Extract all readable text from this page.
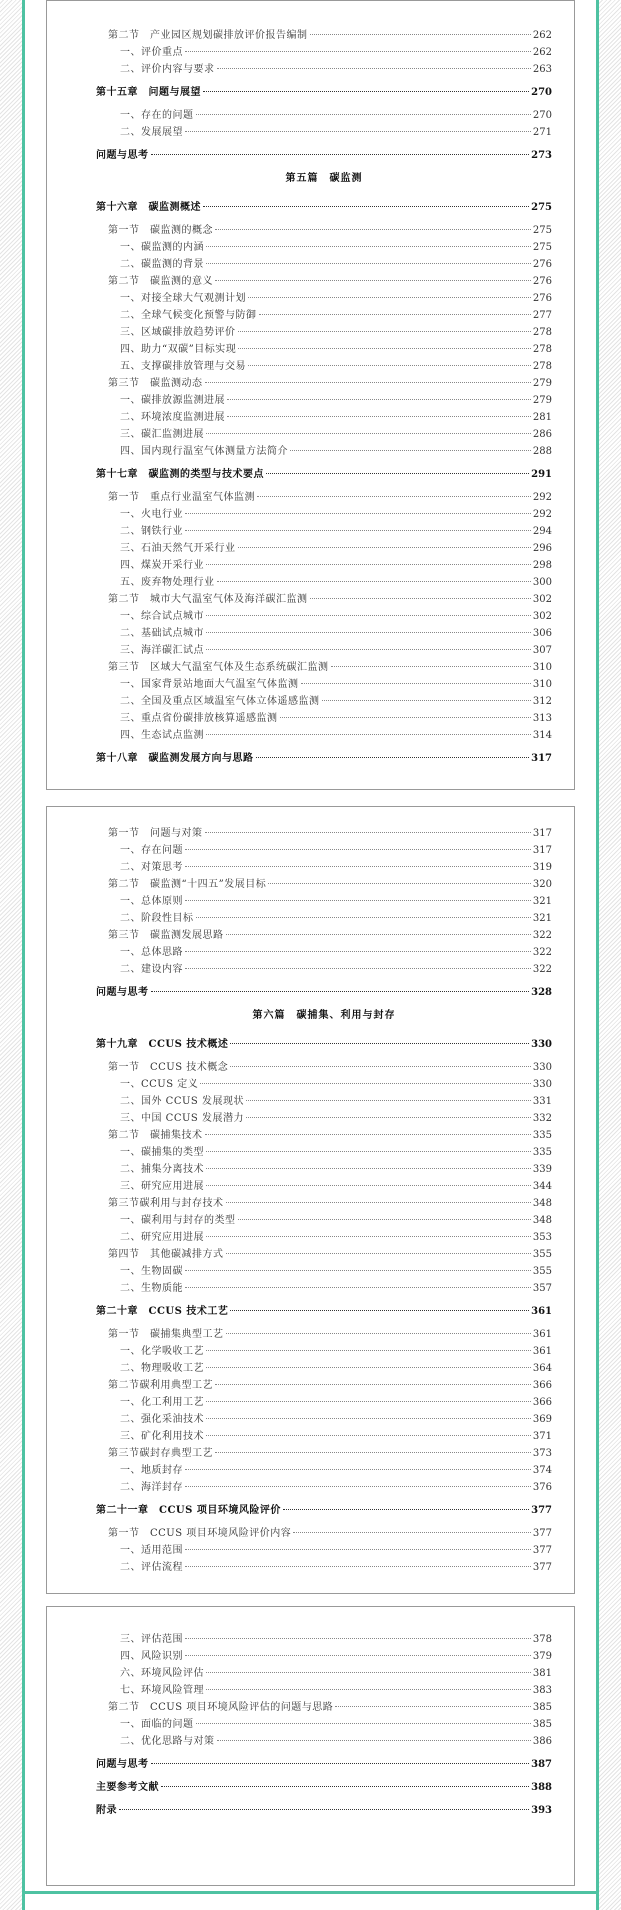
第二节　产业园区规划碳排放评价报告编制	262
一、评价重点	262
二、评价内容与要求	263
第十五章　问题与展望	270
一、存在的问题	270
二、发展展望	271
问题与思考	273
第五篇　碳监测
第十六章　碳监测概述	275
第一节　碳监测的概念	275
一、碳监测的内涵	275
二、碳监测的背景	276
第二节　碳监测的意义	276
一、对接全球大气观测计划	276
二、全球气候变化预警与防御	277
三、区域碳排放趋势评价	278
四、助力“双碳”目标实现	278
五、支撑碳排放管理与交易	278
第三节　碳监测动态	279
一、碳排放源监测进展	279
二、环境浓度监测进展	281
三、碳汇监测进展	286
四、国内现行温室气体测量方法简介	288
第十七章　碳监测的类型与技术要点	291
第一节　重点行业温室气体监测	292
一、火电行业	292
二、钢铁行业	294
三、石油天然气开采行业	296
四、煤炭开采行业	298
五、废弃物处理行业	300
第二节　城市大气温室气体及海洋碳汇监测	302
一、综合试点城市	302
二、基础试点城市	306
三、海洋碳汇试点	307
第三节　区域大气温室气体及生态系统碳汇监测	310
一、国家背景站地面大气温室气体监测	310
二、全国及重点区域温室气体立体遥感监测	312
三、重点省份碳排放核算遥感监测	313
四、生态试点监测	314
第十八章　碳监测发展方向与思路	317
第一节　问题与对策	317
一、存在问题	317
二、对策思考	319
第二节　碳监测“十四五”发展目标	320
一、总体原则	321
二、阶段性目标	321
第三节　碳监测发展思路	322
一、总体思路	322
二、建设内容	322
问题与思考	328
第六篇　碳捕集、利用与封存
第十九章　CCUS 技术概述	330
第一节　CCUS 技术概念	330
一、CCUS 定义	330
二、国外 CCUS 发展现状	331
三、中国 CCUS 发展潜力	332
第二节　碳捕集技术	335
一、碳捕集的类型	335
二、捕集分离技术	339
三、研究应用进展	344
第三节碳利用与封存技术	348
一、碳利用与封存的类型	348
二、研究应用进展	353
第四节　其他碳减排方式	355
一、生物固碳	355
二、生物质能	357
第二十章　CCUS 技术工艺	361
第一节　碳捕集典型工艺	361
一、化学吸收工艺	361
二、物理吸收工艺	364
第二节碳利用典型工艺	366
一、化工利用工艺	366
二、强化采油技术	369
三、矿化利用技术	371
第三节碳封存典型工艺	373
一、地质封存	374
二、海洋封存	376
第二十一章　CCUS 项目环境风险评价	377
第一节　CCUS 项目环境风险评价内容	377
一、适用范围	377
二、评估流程	377
三、评估范围	378
四、风险识别	379
六、环境风险评估	381
七、环境风险管理	383
第二节　CCUS 项目环境风险评估的问题与思路	385
一、面临的问题	385
二、优化思路与对策	386
问题与思考	387
主要参考文献	388
附录	393
